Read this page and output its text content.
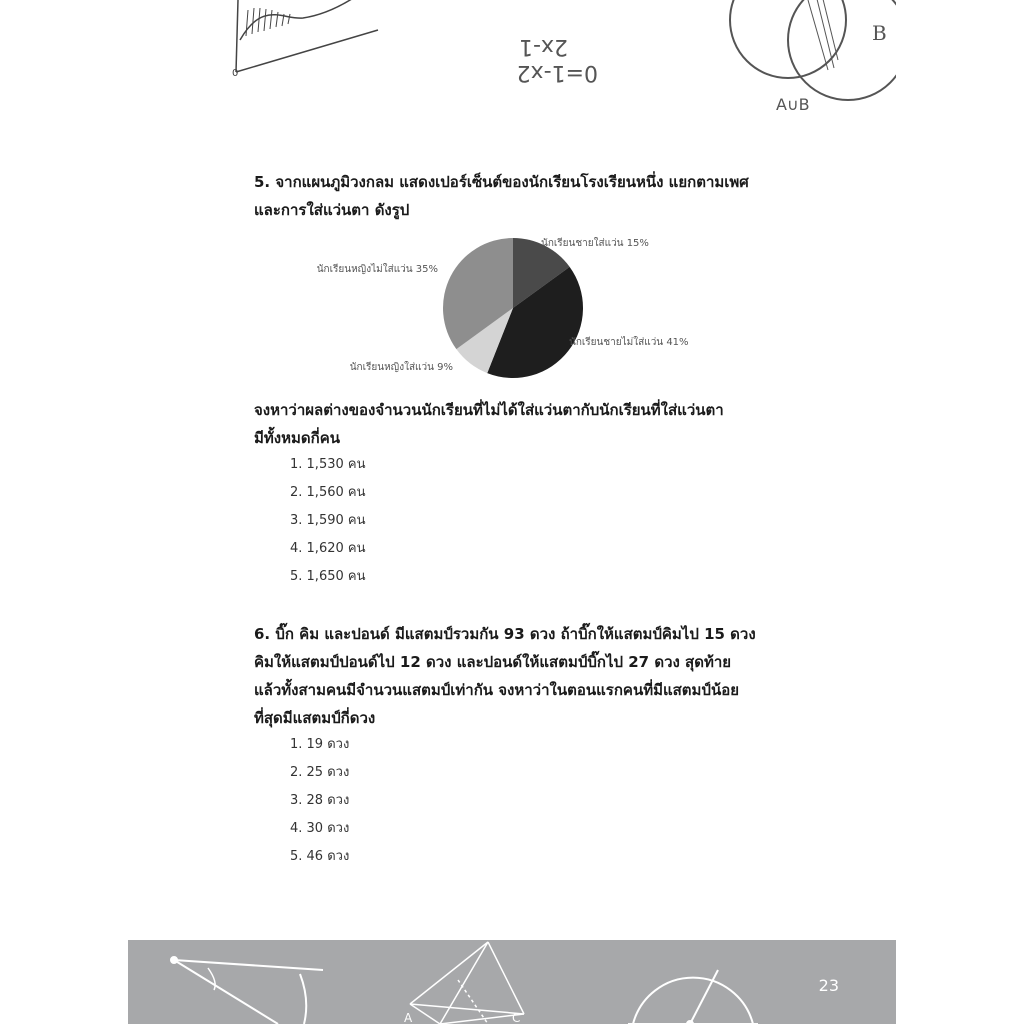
0
2x-1
0=1-x2
B
A∪B

5. จากแผนภูมิวงกลม แสดงเปอร์เซ็นต์ของนักเรียนโรงเรียนหนึ่ง แยกตามเพศ

และการใส่แว่นตา ดังรูป

นักเรียนชายใส่แว่น 15%
นักเรียนชายไม่ใส่แว่น 41%
นักเรียนหญิงใส่แว่น 9%
นักเรียนหญิงไม่ใส่แว่น 35%

จงหาว่าผลต่างของจำนวนนักเรียนที่ไม่ได้ใส่แว่นตากับนักเรียนที่ใส่แว่นตา

มีทั้งหมดกี่คน

1. 1,530 คน
2. 1,560 คน
3. 1,590 คน
4. 1,620 คน
5. 1,650 คน

6. บิ๊ก คิม และปอนด์ มีแสตมป์รวมกัน 93 ดวง ถ้าบิ๊กให้แสตมป์คิมไป 15 ดวง

คิมให้แสตมป์ปอนด์ไป 12 ดวง และปอนด์ให้แสตมป์บิ๊กไป 27 ดวง สุดท้าย

แล้วทั้งสามคนมีจำนวนแสตมป์เท่ากัน จงหาว่าในตอนแรกคนที่มีแสตมป์น้อย

ที่สุดมีแสตมป์กี่ดวง

1. 19 ดวง
2. 25 ดวง
3. 28 ดวง
4. 30 ดวง
5. 46 ดวง
A	C
23
